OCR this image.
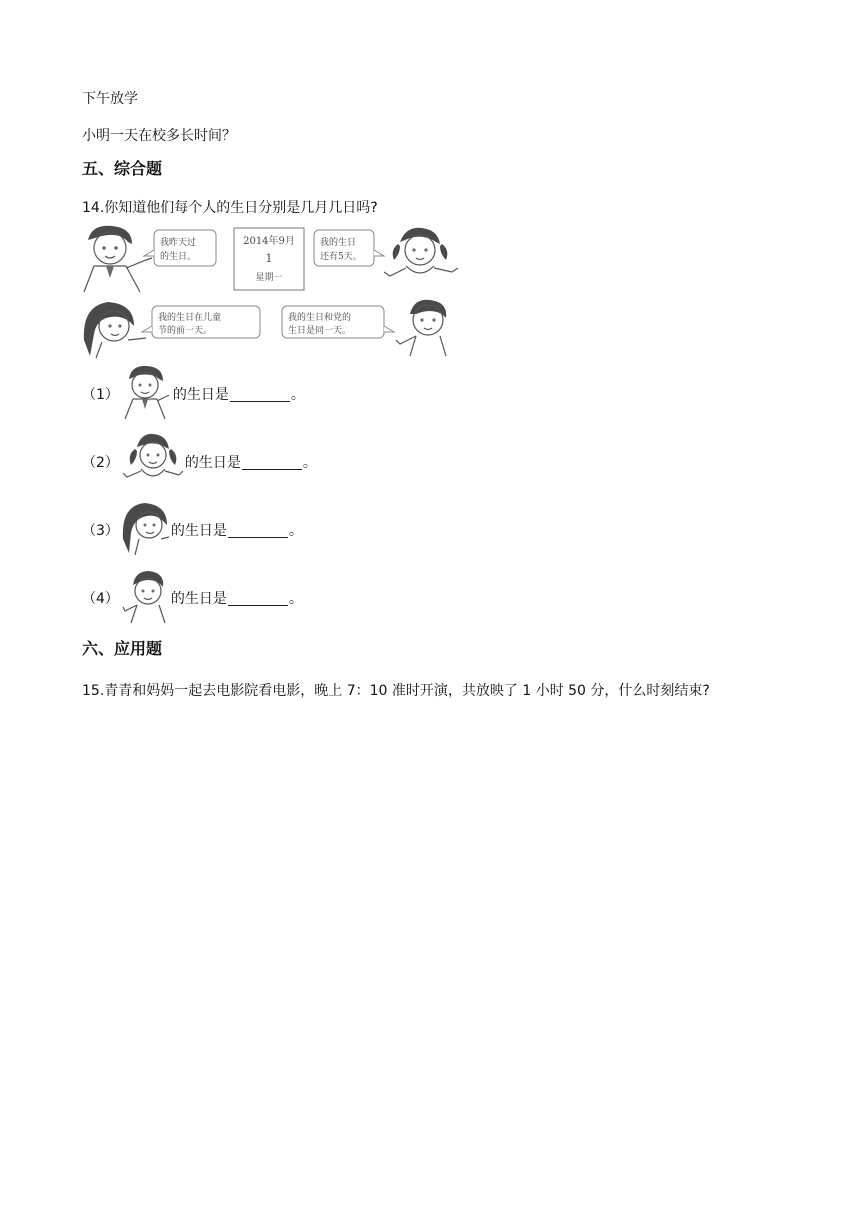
下午放学
小明一天在校多长时间？
五、综合题
14.你知道他们每个人的生日分别是几月几日吗?
我昨天过
的生日。
2014年9月
1
星期一
我的生日
还有5天。
我的生日在儿童
节的前一天。
我的生日和党的
生日是同一天。
（1）	的生日是	。
（2）	的生日是	。
（3）	的生日是	。
（4）	的生日是	。
六、应用题
15.青青和妈妈一起去电影院看电影，晚上 7：10 准时开演，共放映了 1 小时 50 分，什么时刻结束?
